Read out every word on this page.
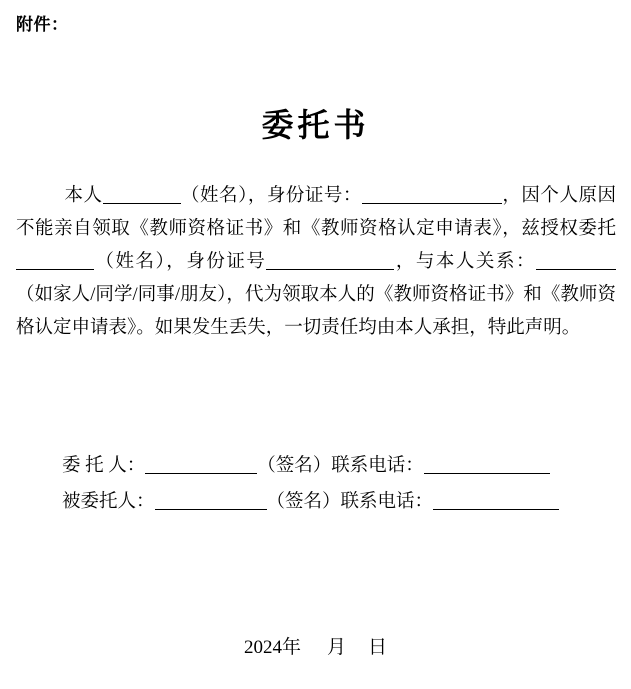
附件：
委托书

本人	（姓名），身份证号：	，因个人原因不能亲自领取《教师资格证书》和《教师资格认定申请表》，兹授权委托（姓名），身份证号	，与本人关系：（如家人/同学/同事/朋友），代为领取本人的《教师资格证书》和《教师资格认定申请表》。如果发生丢失，一切责任均由本人承担，特此声明。

委 托 人：	（签名）联系电话：
被委托人：	（签名）联系电话：
2024年 月 日
